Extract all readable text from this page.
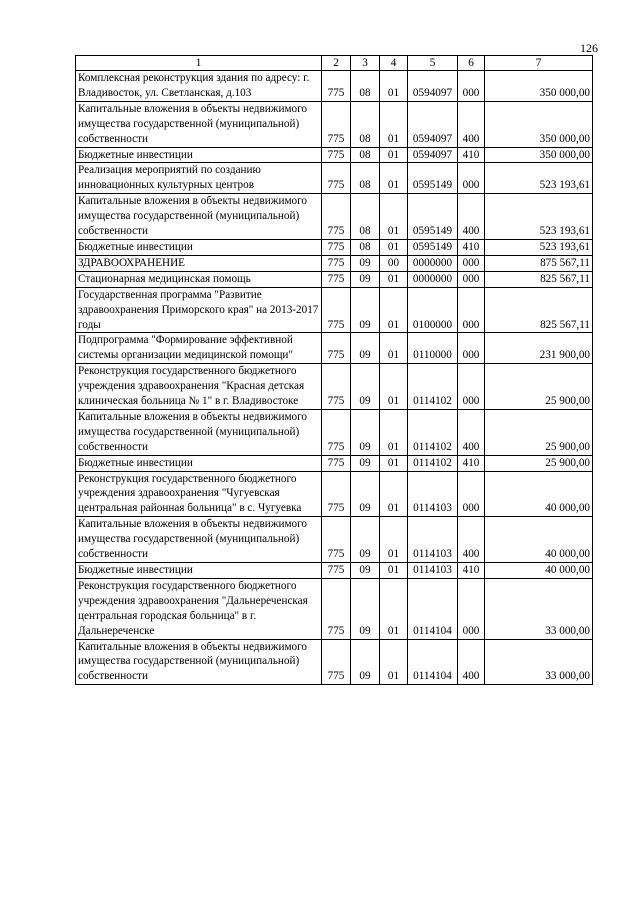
126
1	2	3	4	5	6	7
Комплексная реконструкция здания по адресу: г. Владивосток, ул. Светланская, д.103	775	08	01	0594097	000	350 000,00
Капитальные вложения в объекты недвижимого имущества государственной (муниципальной) собственности	775	08	01	0594097	400	350 000,00
Бюджетные инвестиции	775	08	01	0594097	410	350 000,00
Реализация мероприятий по созданию инновационных культурных центров	775	08	01	0595149	000	523 193,61
Капитальные вложения в объекты недвижимого имущества государственной (муниципальной) собственности	775	08	01	0595149	400	523 193,61
Бюджетные инвестиции	775	08	01	0595149	410	523 193,61
ЗДРАВООХРАНЕНИЕ	775	09	00	0000000	000	875 567,11
Стационарная медицинская помощь	775	09	01	0000000	000	825 567,11
Государственная программа "Развитие здравоохранения Приморского края" на 2013-2017 годы	775	09	01	0100000	000	825 567,11
Подпрограмма "Формирование эффективной системы организации медицинской помощи"	775	09	01	0110000	000	231 900,00
Реконструкция государственного бюджетного учреждения здравоохранения "Красная детская клиническая больница № 1" в г. Владивостоке	775	09	01	0114102	000	25 900,00
Капитальные вложения в объекты недвижимого имущества государственной (муниципальной) собственности	775	09	01	0114102	400	25 900,00
Бюджетные инвестиции	775	09	01	0114102	410	25 900,00
Реконструкция государственного бюджетного учреждения здравоохранения "Чугуевская центральная районная больница" в с. Чугуевка	775	09	01	0114103	000	40 000,00
Капитальные вложения в объекты недвижимого имущества государственной (муниципальной) собственности	775	09	01	0114103	400	40 000,00
Бюджетные инвестиции	775	09	01	0114103	410	40 000,00
Реконструкция государственного бюджетного учреждения здравоохранения "Дальнереченская центральная городская больница" в г. Дальнереченске	775	09	01	0114104	000	33 000,00
Капитальные вложения в объекты недвижимого имущества государственной (муниципальной) собственности	775	09	01	0114104	400	33 000,00
